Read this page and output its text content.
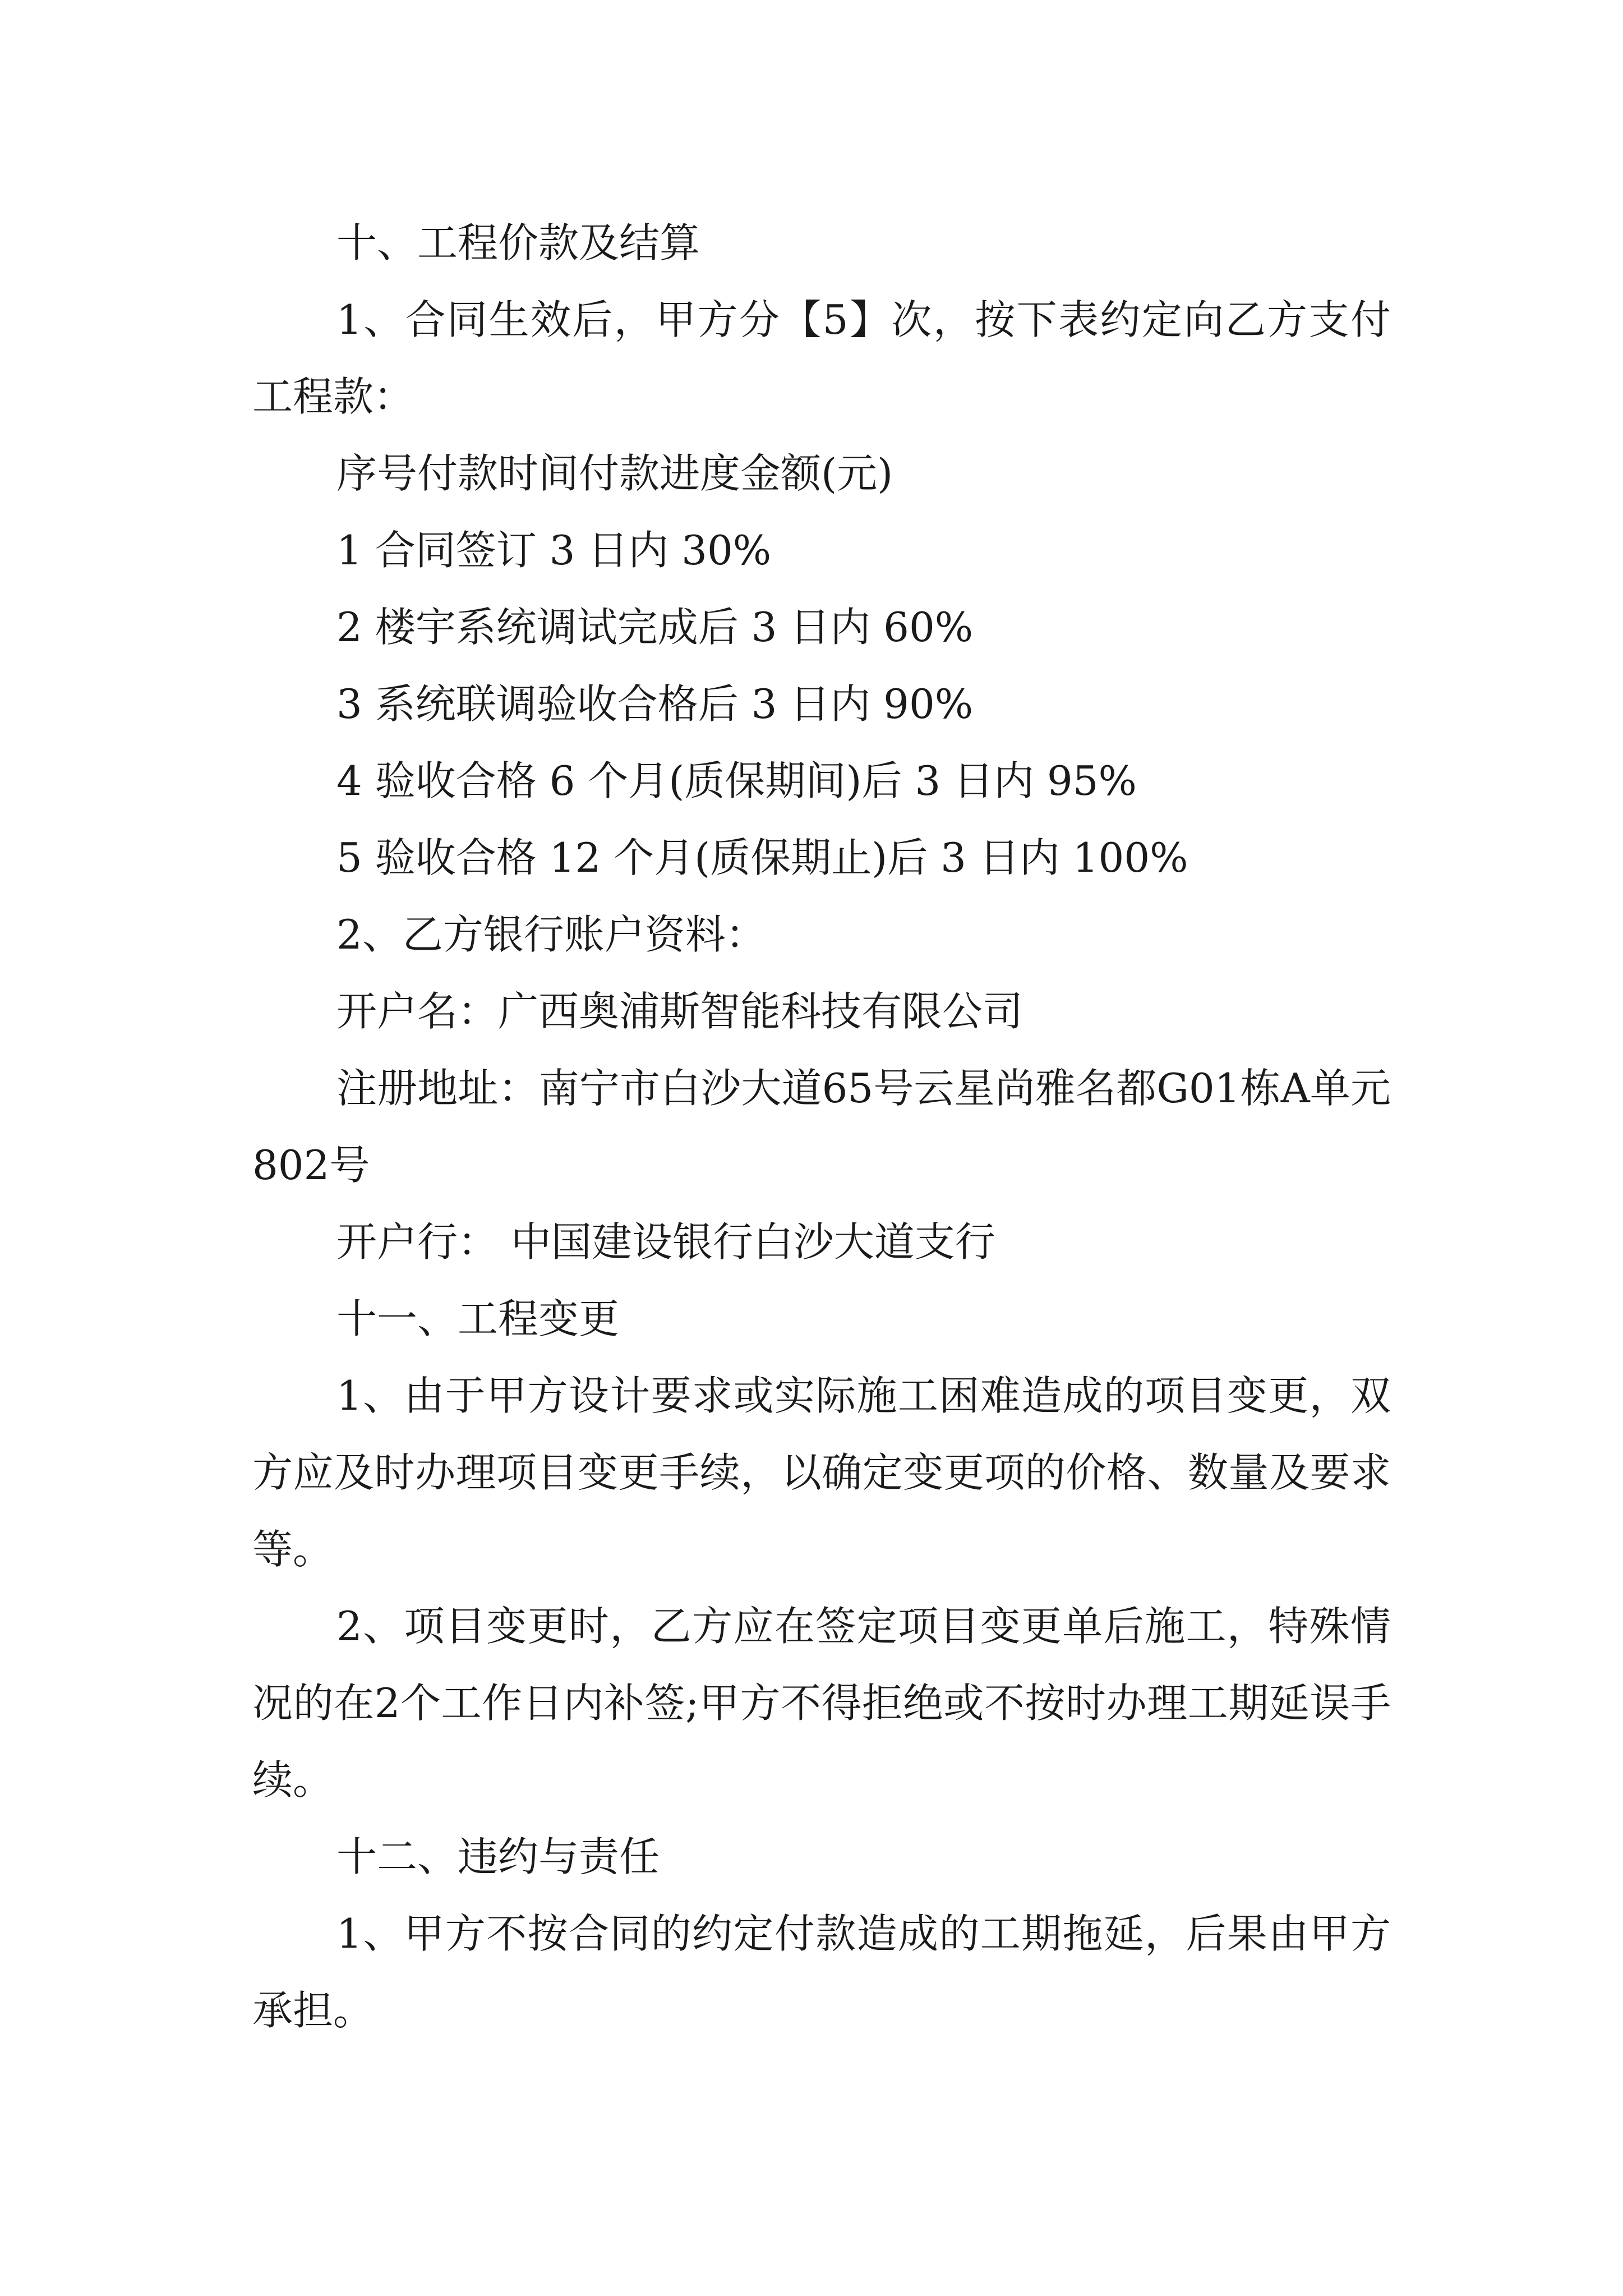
十、工程价款及结算

1、合同生效后，甲方分【5】次，按下表约定向乙方支付工程款：

序号付款时间付款进度金额(元)

1 合同签订 3 日内 30%

2 楼宇系统调试完成后 3 日内 60%

3 系统联调验收合格后 3 日内 90%

4 验收合格 6 个月(质保期间)后 3 日内 95%

5 验收合格 12 个月(质保期止)后 3 日内 100%

2、乙方银行账户资料：

开户名：广西奥浦斯智能科技有限公司

注册地址：南宁市白沙大道65号云星尚雅名都G01栋A单元802号

开户行： 中国建设银行白沙大道支行

十一、工程变更

1、由于甲方设计要求或实际施工困难造成的项目变更，双方应及时办理项目变更手续，以确定变更项的价格、数量及要求等。

2、项目变更时，乙方应在签定项目变更单后施工，特殊情况的在2个工作日内补签;甲方不得拒绝或不按时办理工期延误手续。

十二、违约与责任

1、甲方不按合同的约定付款造成的工期拖延，后果由甲方承担。
